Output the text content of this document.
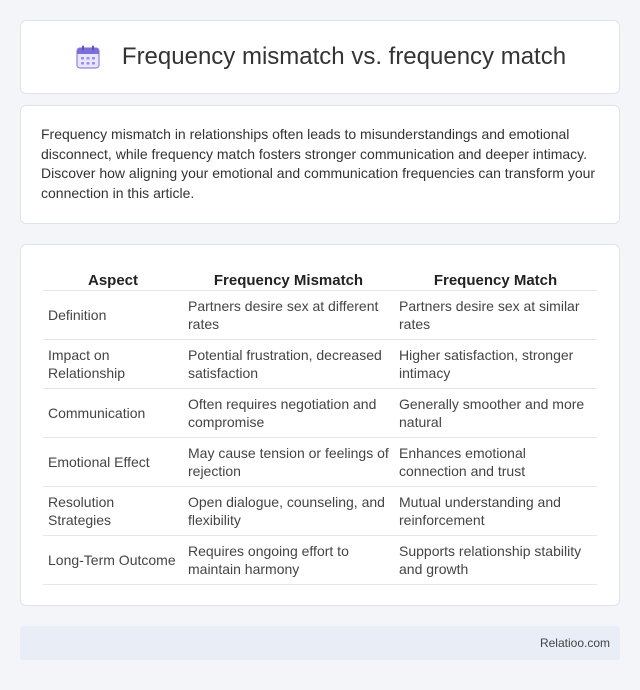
Frequency mismatch vs. frequency match

Frequency mismatch in relationships often leads to misunderstandings and emotional disconnect, while frequency match fosters stronger communication and deeper intimacy. Discover how aligning your emotional and communication frequencies can transform your connection in this article.

Aspect	Frequency Mismatch	Frequency Match
Definition	Partners desire sex at different rates	Partners desire sex at similar rates
Impact on Relationship	Potential frustration, decreased satisfaction	Higher satisfaction, stronger intimacy
Communication	Often requires negotiation and compromise	Generally smoother and more natural
Emotional Effect	May cause tension or feelings of rejection	Enhances emotional connection and trust
Resolution Strategies	Open dialogue, counseling, and flexibility	Mutual understanding and reinforcement
Long-Term Outcome	Requires ongoing effort to maintain harmony	Supports relationship stability and growth
Relatioo.com
